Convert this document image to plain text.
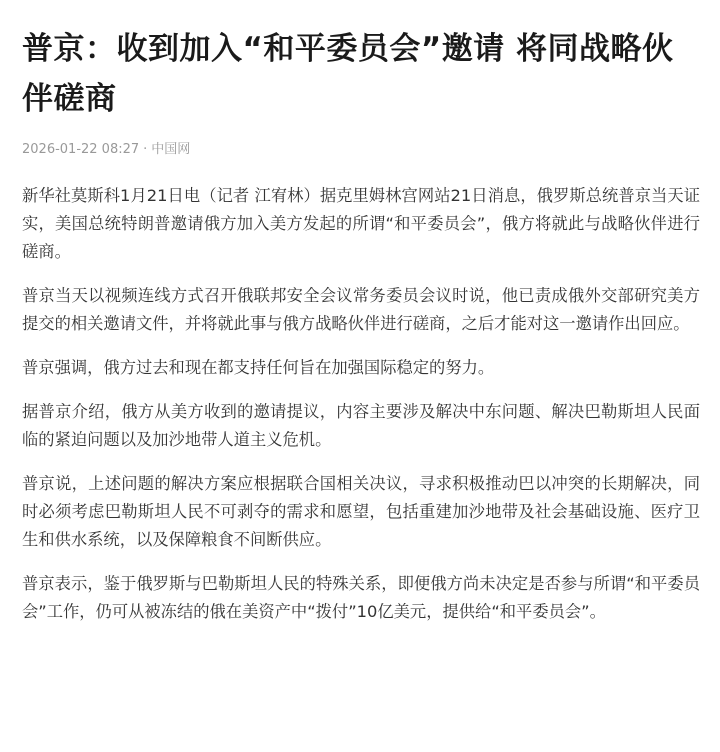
普京：收到加入“和平委员会”邀请 将同战略伙伴磋商
2026-01-22 08:27 · 中国网

新华社莫斯科1月21日电（记者 江宥林）据克里姆林宫网站21日消息，俄罗斯总统普京当天证实，美国总统特朗普邀请俄方加入美方发起的所谓“和平委员会”，俄方将就此与战略伙伴进行磋商。

普京当天以视频连线方式召开俄联邦安全会议常务委员会议时说，他已责成俄外交部研究美方提交的相关邀请文件，并将就此事与俄方战略伙伴进行磋商，之后才能对这一邀请作出回应。

普京强调，俄方过去和现在都支持任何旨在加强国际稳定的努力。

据普京介绍，俄方从美方收到的邀请提议，内容主要涉及解决中东问题、解决巴勒斯坦人民面临的紧迫问题以及加沙地带人道主义危机。

普京说，上述问题的解决方案应根据联合国相关决议，寻求积极推动巴以冲突的长期解决，同时必须考虑巴勒斯坦人民不可剥夺的需求和愿望，包括重建加沙地带及社会基础设施、医疗卫生和供水系统，以及保障粮食不间断供应。

普京表示，鉴于俄罗斯与巴勒斯坦人民的特殊关系，即便俄方尚未决定是否参与所谓“和平委员会”工作，仍可从被冻结的俄在美资产中“拨付”10亿美元，提供给“和平委员会”。
